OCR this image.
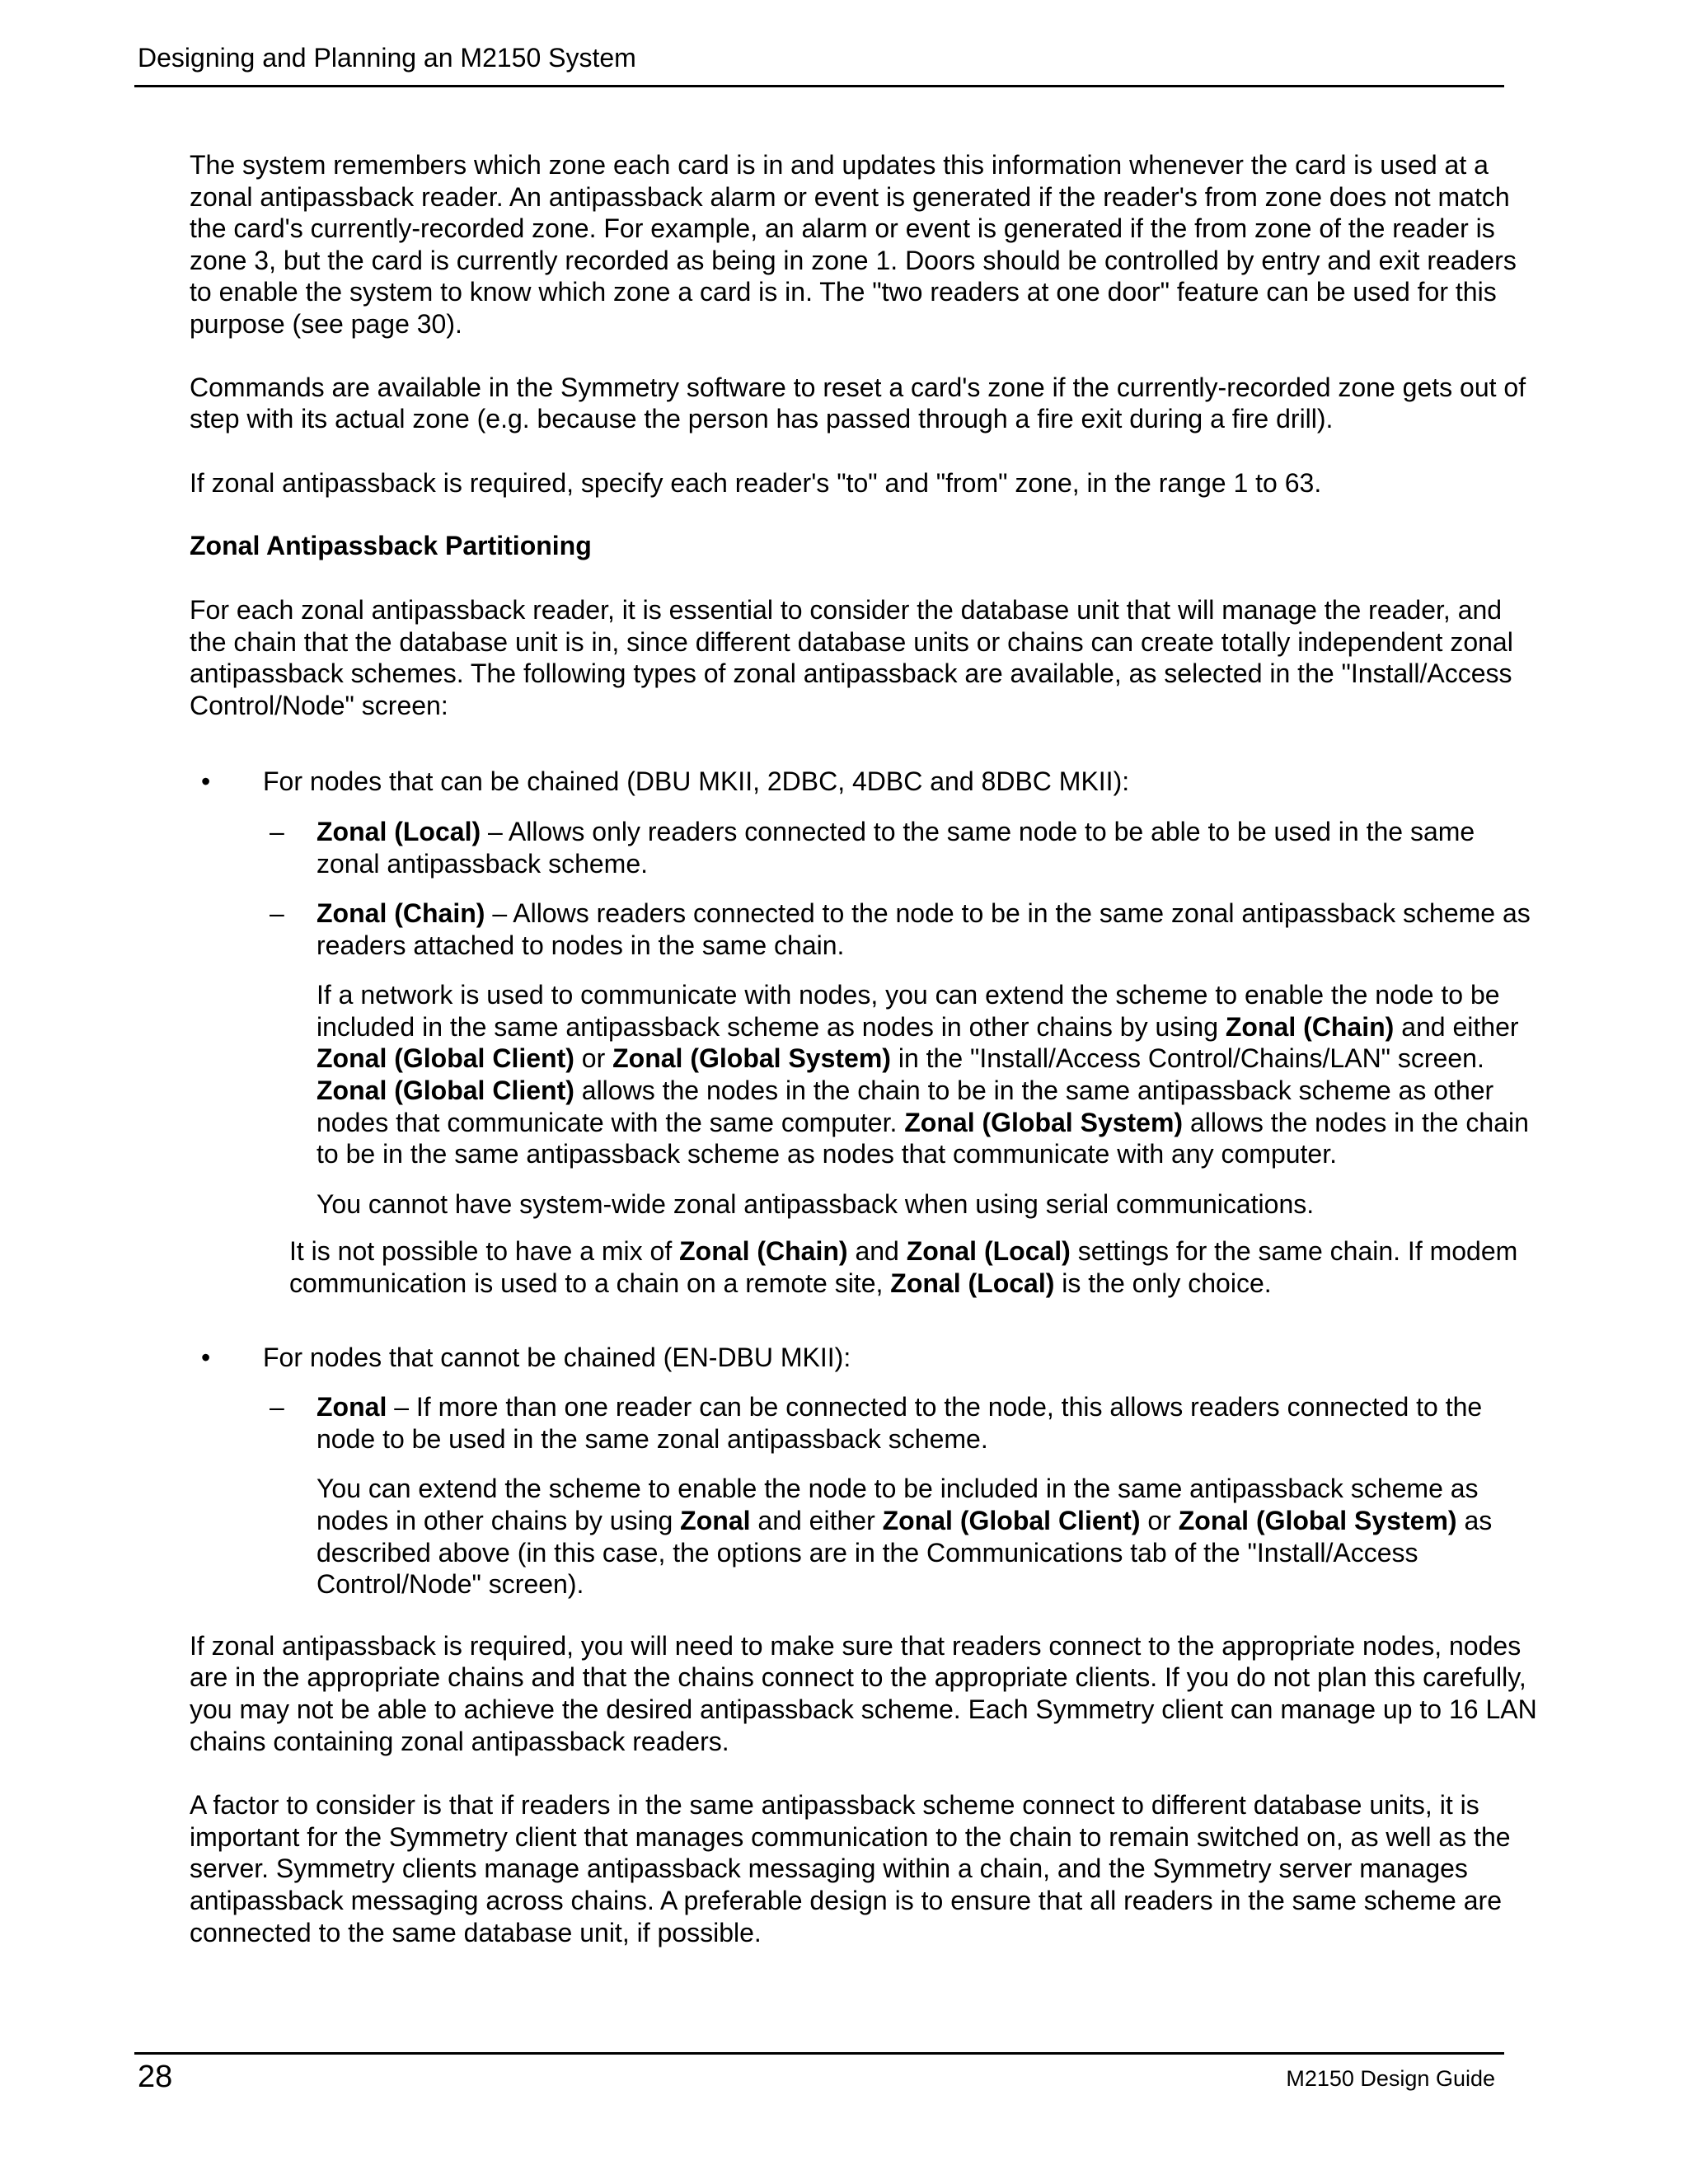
Designing and Planning an M2150 System

The system remembers which zone each card is in and updates this information whenever the card is used at a zonal antipassback reader. An antipassback alarm or event is generated if the reader's from zone does not match the card's currently-recorded zone. For example, an alarm or event is generated if the from zone of the reader is zone 3, but the card is currently recorded as being in zone 1. Doors should be controlled by entry and exit readers to enable the system to know which zone a card is in. The "two readers at one door" feature can be used for this purpose (see page 30).

Commands are available in the Symmetry software to reset a card's zone if the currently-recorded zone gets out of step with its actual zone (e.g. because the person has passed through a fire exit during a fire drill).

If zonal antipassback is required, specify each reader's "to" and "from" zone, in the range 1 to 63.

Zonal Antipassback Partitioning

For each zonal antipassback reader, it is essential to consider the database unit that will manage the reader, and the chain that the database unit is in, since different database units or chains can create totally independent zonal antipassback schemes. The following types of zonal antipassback are available, as selected in the "Install/Access Control/Node" screen:

• For nodes that can be chained (DBU MKII, 2DBC, 4DBC and 8DBC MKII):
– Zonal (Local) – Allows only readers connected to the same node to be able to be used in the same zonal antipassback scheme.
– Zonal (Chain) – Allows readers connected to the node to be in the same zonal antipassback scheme as readers attached to nodes in the same chain.

If a network is used to communicate with nodes, you can extend the scheme to enable the node to be included in the same antipassback scheme as nodes in other chains by using Zonal (Chain) and either Zonal (Global Client) or Zonal (Global System) in the "Install/Access Control/Chains/LAN" screen. Zonal (Global Client) allows the nodes in the chain to be in the same antipassback scheme as other nodes that communicate with the same computer. Zonal (Global System) allows the nodes in the chain to be in the same antipassback scheme as nodes that communicate with any computer.

You cannot have system-wide zonal antipassback when using serial communications.

It is not possible to have a mix of Zonal (Chain) and Zonal (Local) settings for the same chain. If modem communication is used to a chain on a remote site, Zonal (Local) is the only choice.

• For nodes that cannot be chained (EN-DBU MKII):
– Zonal – If more than one reader can be connected to the node, this allows readers connected to the node to be used in the same zonal antipassback scheme.

You can extend the scheme to enable the node to be included in the same antipassback scheme as nodes in other chains by using Zonal and either Zonal (Global Client) or Zonal (Global System) as described above (in this case, the options are in the Communications tab of the "Install/Access Control/Node" screen).

If zonal antipassback is required, you will need to make sure that readers connect to the appropriate nodes, nodes are in the appropriate chains and that the chains connect to the appropriate clients. If you do not plan this carefully, you may not be able to achieve the desired antipassback scheme. Each Symmetry client can manage up to 16 LAN chains containing zonal antipassback readers.

A factor to consider is that if readers in the same antipassback scheme connect to different database units, it is important for the Symmetry client that manages communication to the chain to remain switched on, as well as the server. Symmetry clients manage antipassback messaging within a chain, and the Symmetry server manages antipassback messaging across chains. A preferable design is to ensure that all readers in the same scheme are connected to the same database unit, if possible.

28	M2150 Design Guide
